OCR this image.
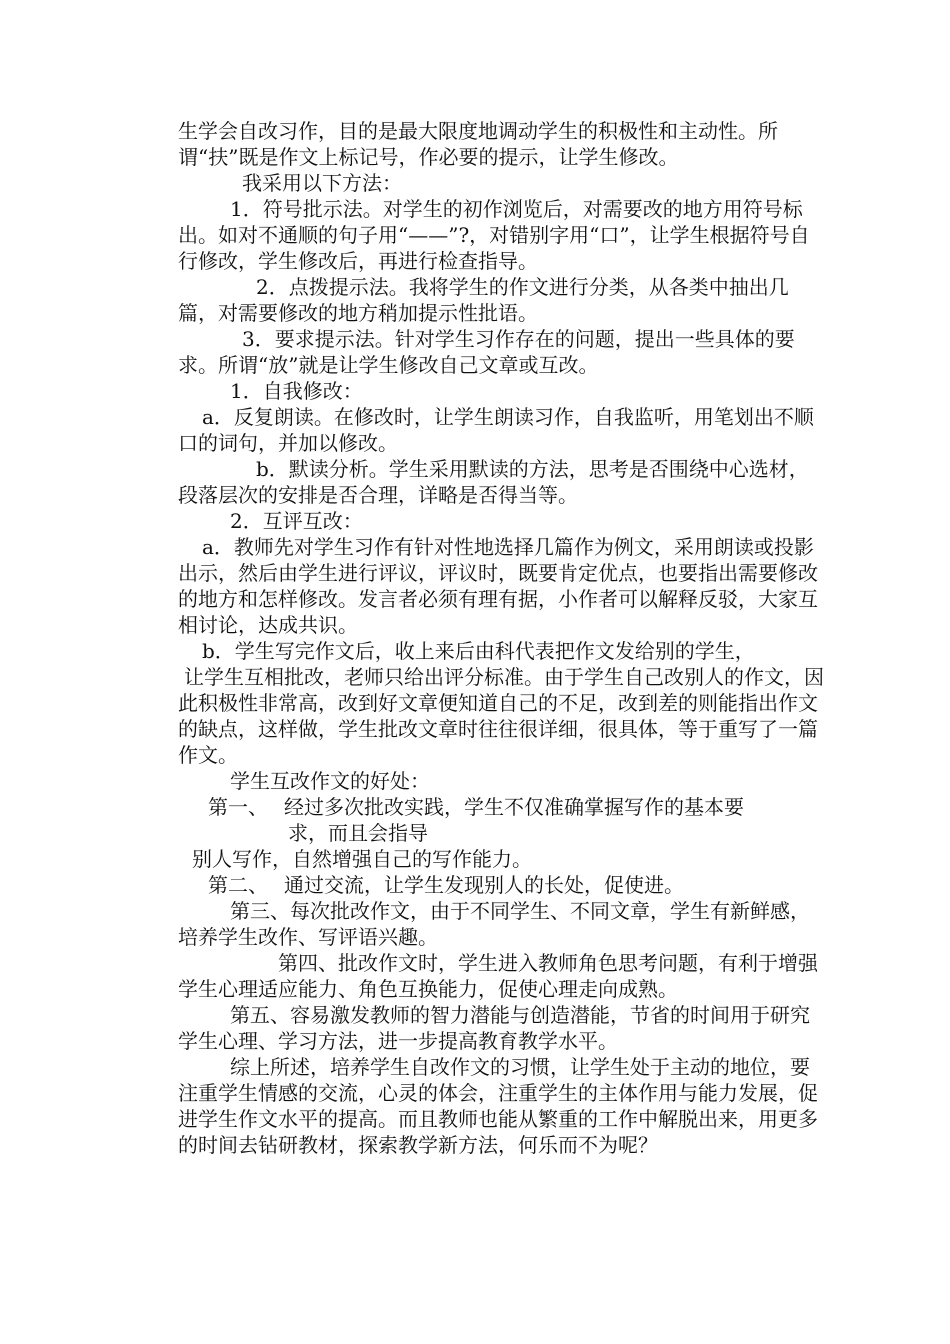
生学会自改习作，目的是最大限度地调动学生的积极性和主动性。所谓“扶”既是作文上标记号，作必要的提示，让学生修改。

我采用以下方法：

1．符号批示法。对学生的初作浏览后，对需要改的地方用符号标出。如对不通顺的句子用“——”?，对错别字用“口”，让学生根据符号自行修改，学生修改后，再进行检查指导。

2．点拨提示法。我将学生的作文进行分类，从各类中抽出几篇，对需要修改的地方稍加提示性批语。

3．要求提示法。针对学生习作存在的问题，提出一些具体的要求。所谓“放”就是让学生修改自己文章或互改。

1．自我修改：

a．反复朗读。在修改时，让学生朗读习作，自我监听，用笔划出不顺口的词句，并加以修改。

b．默读分析。学生采用默读的方法，思考是否围绕中心选材，段落层次的安排是否合理，详略是否得当等。

2．互评互改：

a．教师先对学生习作有针对性地选择几篇作为例文，采用朗读或投影出示，然后由学生进行评议，评议时，既要肯定优点，也要指出需要修改的地方和怎样修改。发言者必须有理有据，小作者可以解释反驳，大家互相讨论，达成共识。

b．学生写完作文后，收上来后由科代表把作文发给别的学生，

让学生互相批改，老师只给出评分标准。由于学生自己改别人的作文，因此积极性非常高，改到好文章便知道自己的不足，改到差的则能指出作文的缺点，这样做，学生批改文章时往往很详细，很具体，等于重写了一篇作文。

学生互改作文的好处：

第一、 经过多次批改实践，学生不仅准确掌握写作的基本要

求，而且会指导

别人写作，自然增强自己的写作能力。

第二、 通过交流，让学生发现别人的长处，促使进。

第三、每次批改作文，由于不同学生、不同文章，学生有新鲜感，培养学生改作、写评语兴趣。

第四、批改作文时，学生进入教师角色思考问题，有利于增强学生心理适应能力、角色互换能力，促使心理走向成熟。

第五、容易激发教师的智力潜能与创造潜能，节省的时间用于研究学生心理、学习方法，进一步提高教育教学水平。

综上所述，培养学生自改作文的习惯，让学生处于主动的地位，要注重学生情感的交流，心灵的体会，注重学生的主体作用与能力发展，促进学生作文水平的提高。而且教师也能从繁重的工作中解脱出来，用更多的时间去钻研教材，探索教学新方法，何乐而不为呢？
